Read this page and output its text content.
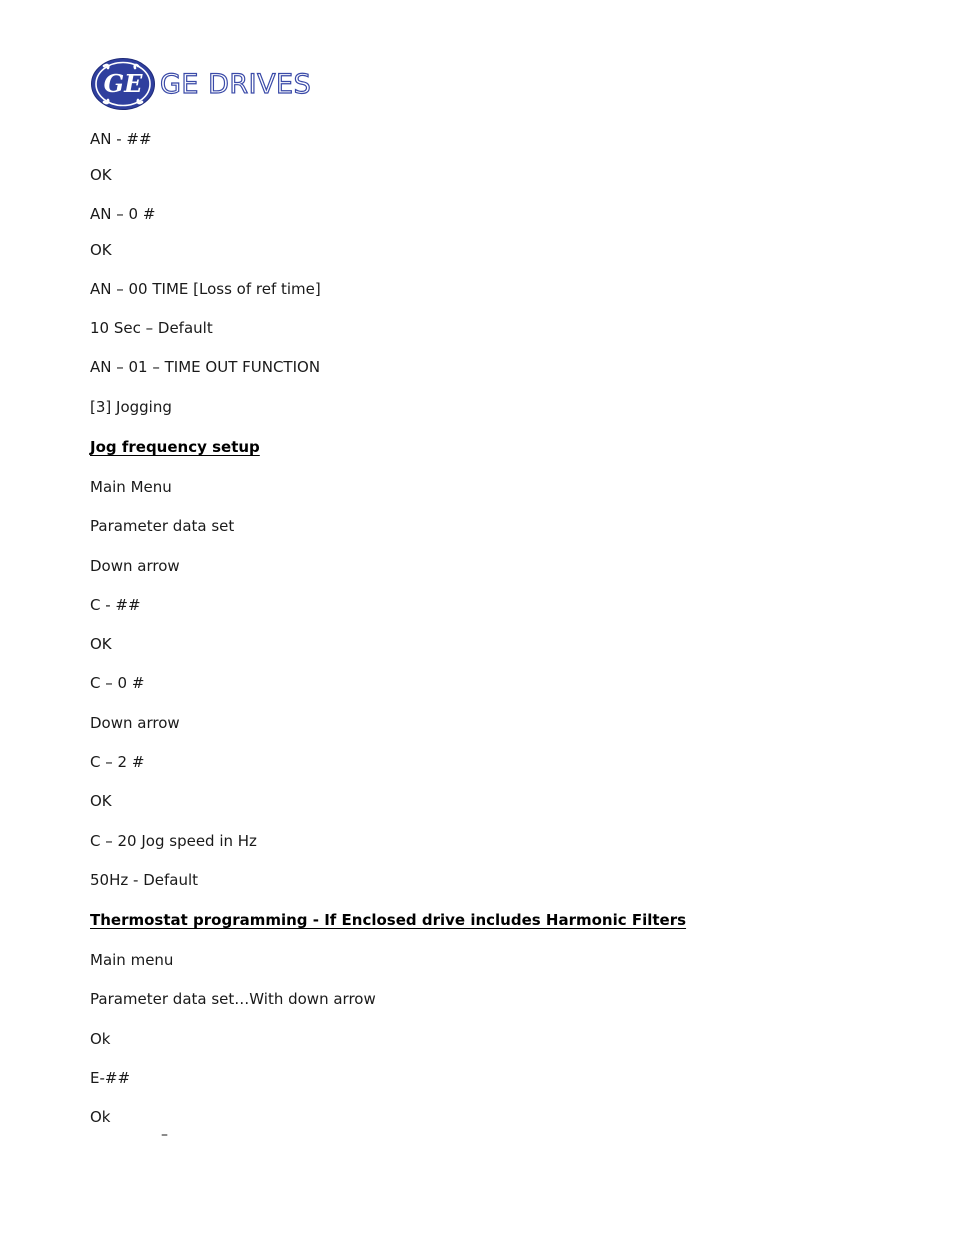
GE GE DRIVES
AN - ##
OK
AN – 0 #
OK
AN – 00 TIME [Loss of ref time]
10 Sec – Default
AN – 01 – TIME OUT FUNCTION
[3] Jogging
Jog frequency setup
Main Menu
Parameter data set
Down arrow
C - ##
OK
C – 0 #
Down arrow
C – 2 #
OK
C – 20 Jog speed in Hz
50Hz - Default
Thermostat programming - If Enclosed drive includes Harmonic Filters
Main menu
Parameter data set…With down arrow
Ok
E-##
Ok
–
